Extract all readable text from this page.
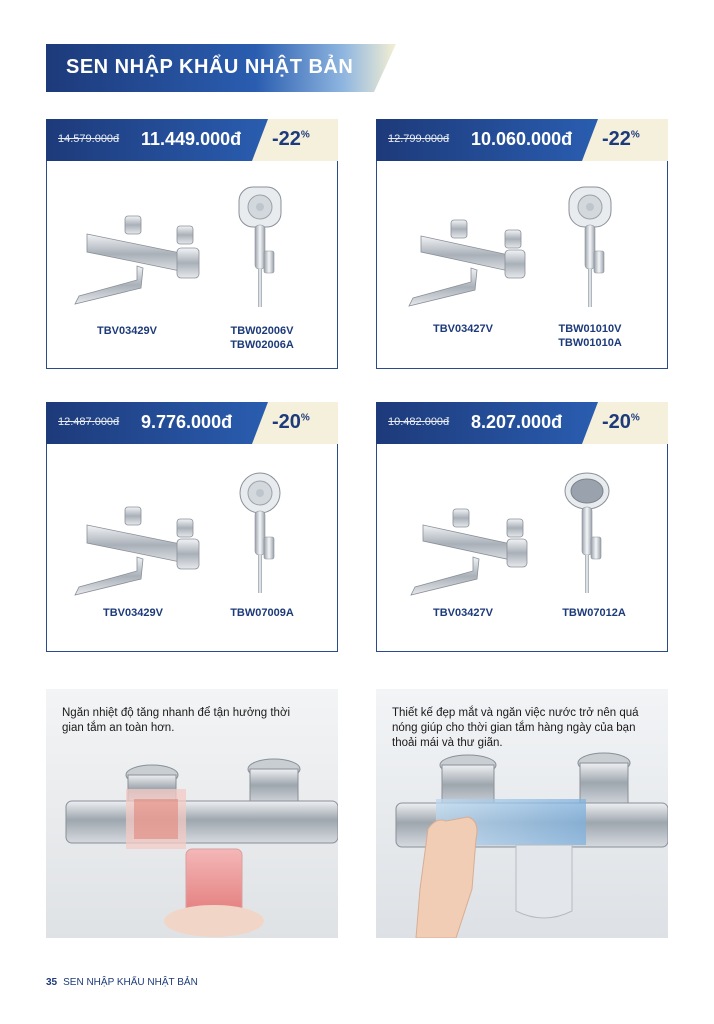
SEN NHẬP KHẨU NHẬT BẢN
14.579.000đ 11.449.000đ -22%
TBV03429V	TBW02006V
TBW02006A
12.799.000đ 10.060.000đ -22%
TBV03427V	TBW01010V
TBW01010A
12.487.000đ 9.776.000đ -20%
TBV03429V	TBW07009A
10.482.000đ 8.207.000đ -20%
TBV03427V	TBW07012A
Ngăn nhiệt độ tăng nhanh để tận hưởng thời gian tắm an toàn hơn.
Thiết kế đẹp mắt và ngăn việc nước trở nên quá nóng giúp cho thời gian tắm hàng ngày của bạn thoải mái và thư giãn.
35 SEN NHẬP KHẨU NHẬT BẢN
